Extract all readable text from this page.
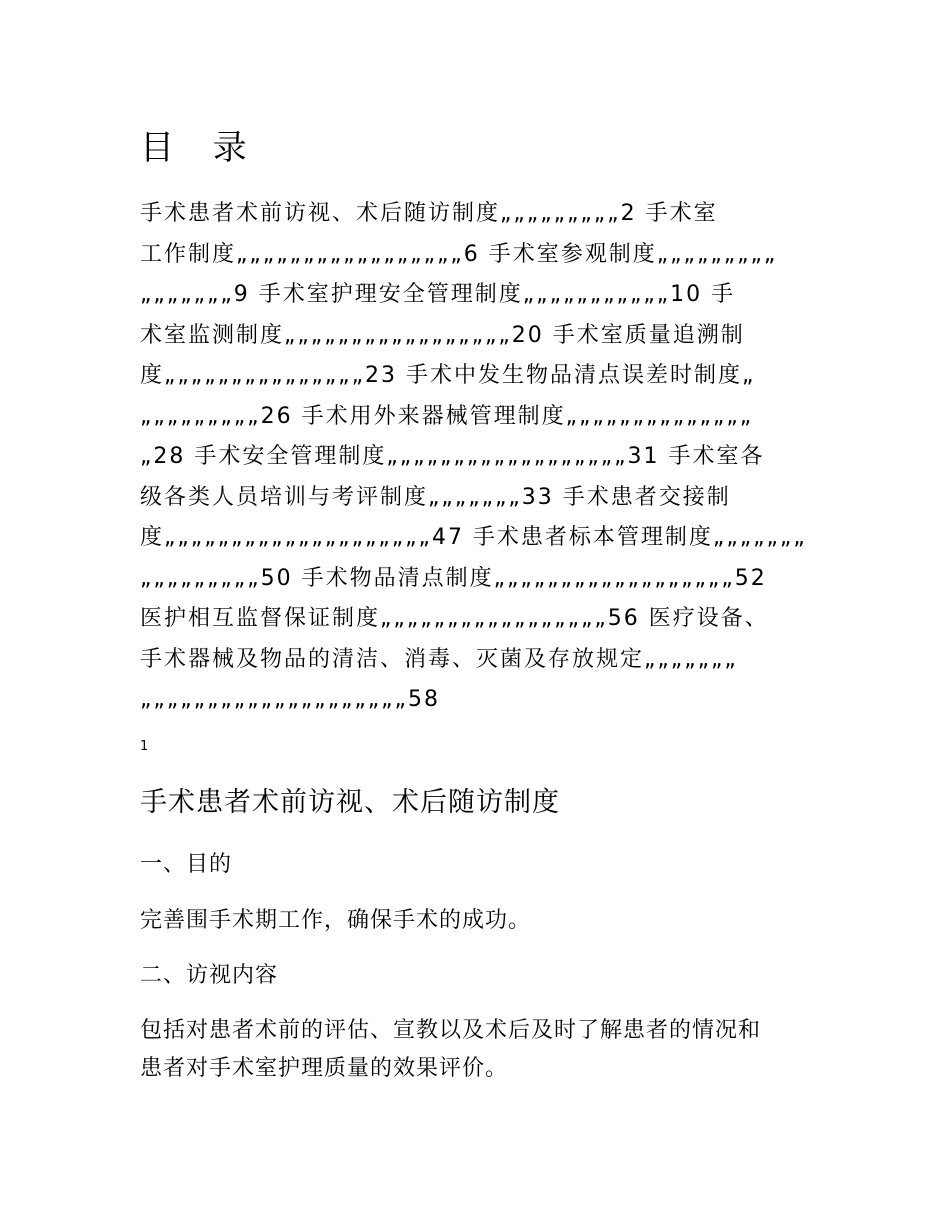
目 录
手术患者术前访视、术后随访制度„„„„„„„„„2 手术室
工作制度„„„„„„„„„„„„„„„„„6 手术室参观制度„„„„„„„„„
„„„„„„„9 手术室护理安全管理制度„„„„„„„„„„„10 手
术室监测制度„„„„„„„„„„„„„„„„„20 手术室质量追溯制
度„„„„„„„„„„„„„„„23 手术中发生物品清点误差时制度„
„„„„„„„„„26 手术用外来器械管理制度„„„„„„„„„„„„„„
„28 手术安全管理制度„„„„„„„„„„„„„„„„„„31 手术室各
级各类人员培训与考评制度„„„„„„„33 手术患者交接制
度„„„„„„„„„„„„„„„„„„„„47 手术患者标本管理制度„„„„„„„
„„„„„„„„„50 手术物品清点制度„„„„„„„„„„„„„„„„„„52
医护相互监督保证制度„„„„„„„„„„„„„„„„„56 医疗设备、
手术器械及物品的清洁、消毒、灭菌及存放规定„„„„„„„
„„„„„„„„„„„„„„„„„„„„58
1
手术患者术前访视、术后随访制度

一、目的

完善围手术期工作，确保手术的成功。

二、访视内容

包括对患者术前的评估、宣教以及术后及时了解患者的情况和

患者对手术室护理质量的效果评价。
